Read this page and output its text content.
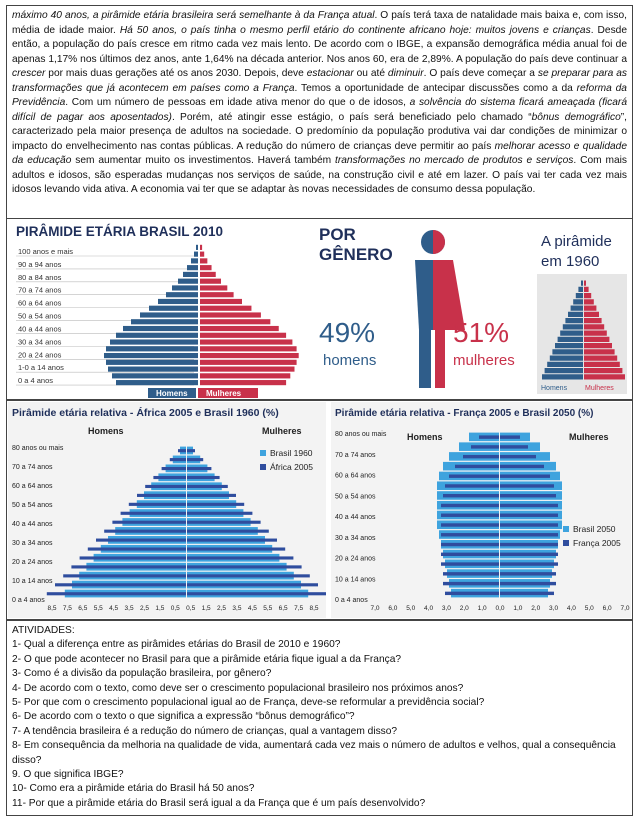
máximo 40 anos, a pirâmide etária brasileira será semelhante à da França atual. O país terá taxa de natalidade mais baixa e, com isso, média de idade maior. Há 50 anos, o país tinha o mesmo perfil etário do continente africano hoje: muitos jovens e crianças. Desde então, a população do país cresce em ritmo cada vez mais lento. De acordo com o IBGE, a expansão demográfica média anual foi de apenas 1,17% nos últimos dez anos, ante 1,64% na década anterior. Nos anos 60, era de 2,89%. A população do país deve continuar a crescer por mais duas gerações até os anos 2030. Depois, deve estacionar ou até diminuir. O país deve começar a se preparar para as transformações que já acontecem em países como a França. Temos a oportunidade de antecipar discussões como a da reforma da Previdência. Com um número de pessoas em idade ativa menor do que o de idosos, a solvência do sistema ficará ameaçada (ficará difícil de pagar aos aposentados). Porém, até atingir esse estágio, o país será beneficiado pelo chamado “bônus demográfico”, caracterizado pela maior presença de adultos na sociedade. O predomínio da população produtiva vai dar condições de minimizar o impacto do envelhecimento nas contas públicas. A redução do número de crianças deve permitir ao país melhorar acesso e qualidade da educação sem aumentar muito os investimentos. Haverá também transformações no mercado de produtos e serviços. Com mais adultos e idosos, são esperadas mudanças nos serviços de saúde, na construção civil e até em lazer. O país vai ter cada vez mais idosos levando vida ativa. A economia vai ter que se adaptar às novas necessidades de consumo dessa população.
PIRÂMIDE ETÁRIA BRASIL 2010
100 anos e mais
90 a 94 anos
80 a 84 anos
70 a 74 anos
60 a 64 anos
50 a 54 anos
40 a 44 anos
30 a 34 anos
20 a 24 anos
1-0 a 14 anos
0 a 4 anos
Homens Mulheres
POR
GÊNERO
49%
homens
51%
mulheres
A pirâmide
em 1960
Homens	Mulheres
Pirâmide etária relativa - África 2005 e Brasil 1960 (%)
Homens	Mulheres
Brasil 1960
África 2005
80 anos ou mais
70 a 74 anos
60 a 64 anos
50 a 54 anos
40 a 44 anos
30 a 34 anos
20 a 24 anos
10 a 14 anos
0 a 4 anos
8,5 7,5 6,5 5,5 4,5 3,5 2,5 1,5 0,5 0,5 1,5 2,5 3,5 4,5 5,5 6,5 7,5 8,5
Pirâmide etária relativa - França 2005 e Brasil 2050 (%)
Homens	Mulheres
Brasil 2050
França 2005
80 anos ou mais
70 a 74 anos
60 a 64 anos
50 a 54 anos
40 a 44 anos
30 a 34 anos
20 a 24 anos
10 a 14 anos
0 a 4 anos
7,0 6,0 5,0 4,0 3,0 2,0 1,0 0,0 1,0 2,0 3,0 4,0 5,0 6,0 7,0
ATIVIDADES:
1- Qual a diferença entre as pirâmides etárias do Brasil de 2010 e 1960?
2- O que pode acontecer no Brasil para que a pirâmide etária fique igual a da França?
3- Como é a divisão da população brasileira, por gênero?
4- De acordo com o texto, como deve ser o crescimento populacional brasileiro nos próximos anos?
5- Por que com o crescimento populacional igual ao de França, deve-se reformular a previdência social?
6- De acordo com o texto o que significa a expressão “bônus demográfico”?
7- A tendência brasileira é a redução do número de crianças, qual a vantagem disso?
8- Em consequência da melhoria na qualidade de vida, aumentará cada vez mais o número de adultos e velhos, qual a consequência disso?
9. O que significa IBGE?
10- Como era a pirâmide etária do Brasil há 50 anos?
11- Por que a pirâmide etária do Brasil será igual a da França que é um país desenvolvido?
